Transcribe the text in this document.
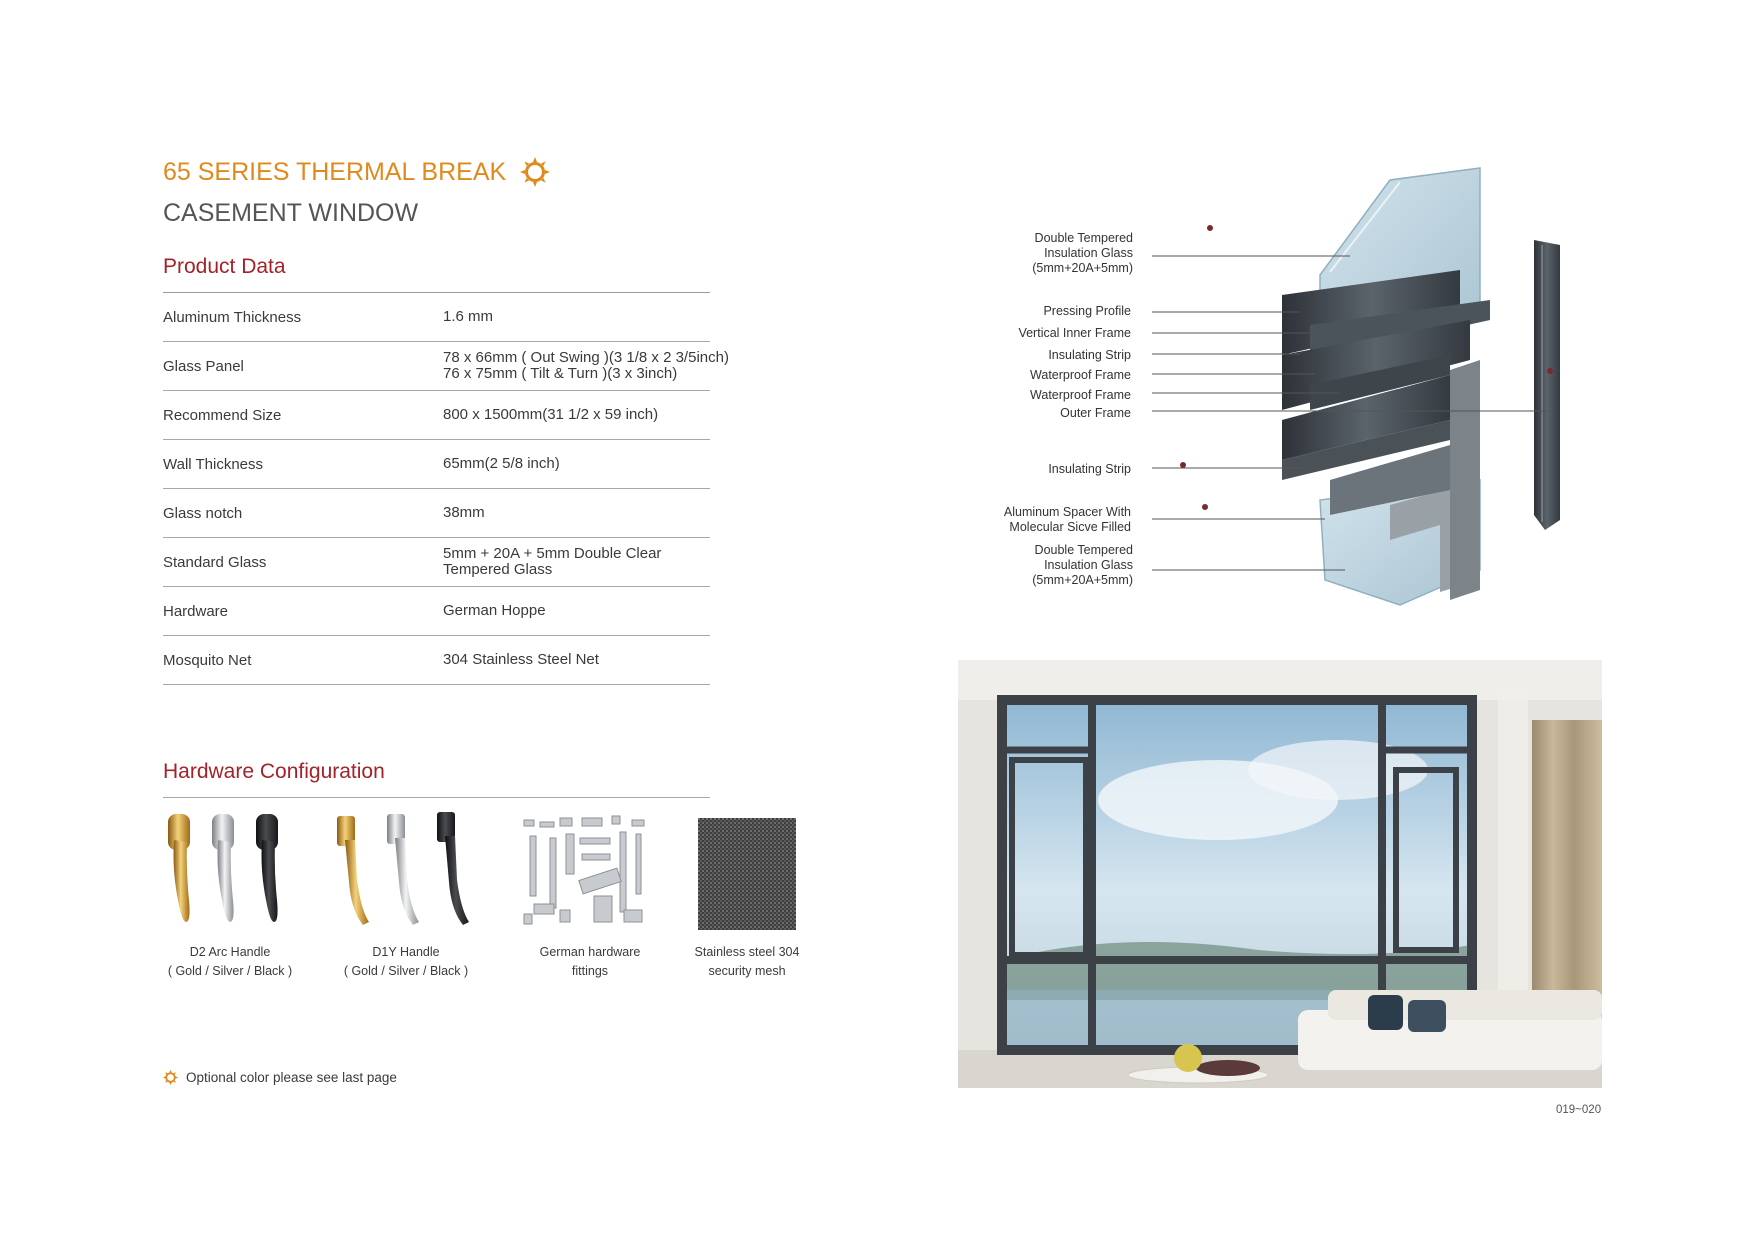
65 SERIES THERMAL BREAK
CASEMENT WINDOW
Product Data
Aluminum Thickness	1.6 mm
Glass Panel	78 x 66mm ( Out Swing )(3 1/8 x 2 3/5inch)
76 x 75mm ( Tilt & Turn )(3 x 3inch)
Recommend Size	800 x 1500mm(31 1/2 x 59 inch)
Wall Thickness	65mm(2 5/8 inch)
Glass notch	38mm
Standard Glass	5mm + 20A + 5mm Double Clear
Tempered Glass
Hardware	German Hoppe
Mosquito Net	304 Stainless Steel Net
Hardware Configuration
D2 Arc Handle
( Gold / Silver / Black )
D1Y Handle
( Gold / Silver / Black )
German hardware
fittings
Stainless steel 304
security mesh
Optional color please see last page
Double Tempered
Insulation Glass
(5mm+20A+5mm)
Pressing Profile
Vertical Inner Frame
Insulating Strip
Waterproof Frame
Waterproof Frame
Outer Frame
Insulating Strip
Aluminum Spacer With
Molecular Sicve Filled
Double Tempered
Insulation Glass
(5mm+20A+5mm)
019~020
